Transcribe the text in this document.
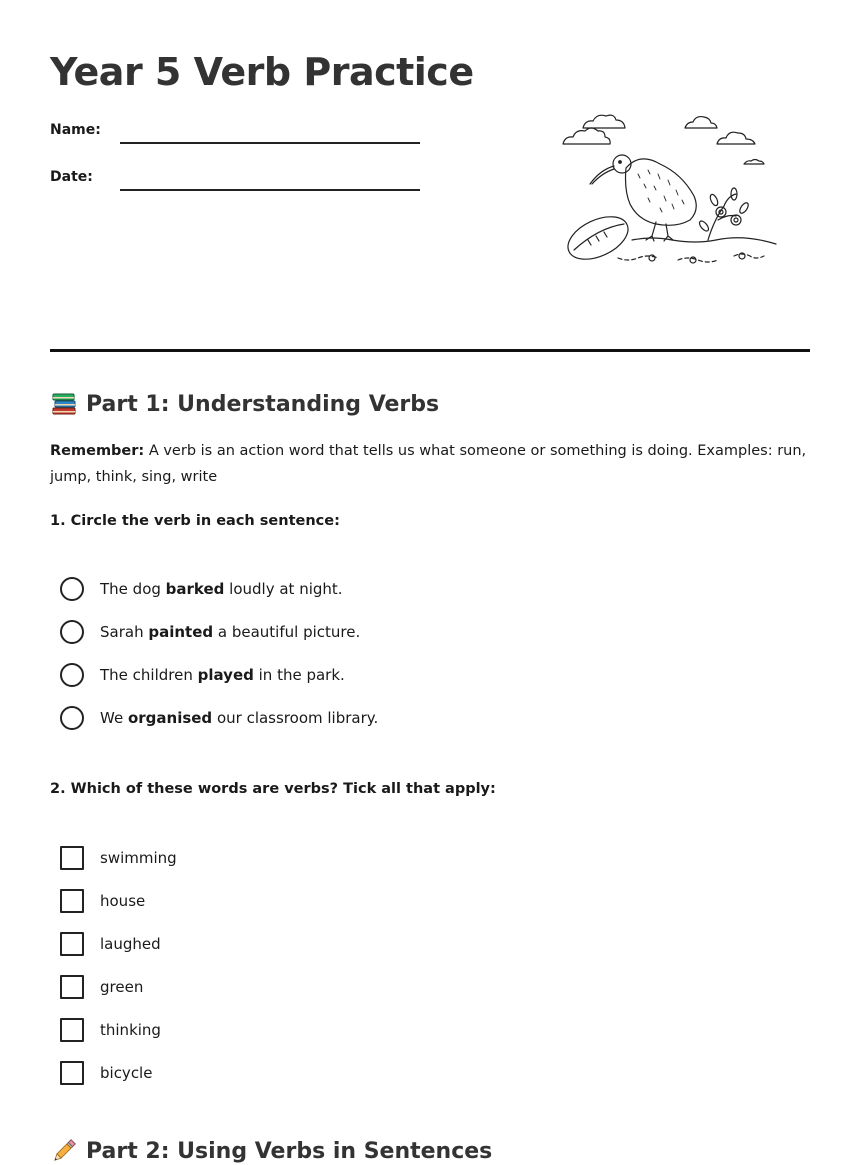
Year 5 Verb Practice
Name:
Date:
Part 1: Understanding Verbs

Remember: A verb is an action word that tells us what someone or something is doing. Examples: run, jump, think, sing, write

1. Circle the verb in each sentence:

The dog barked loudly at night.
Sarah painted a beautiful picture.
The children played in the park.
We organised our classroom library.

2. Which of these words are verbs? Tick all that apply:

swimming
house
laughed
green
thinking
bicycle
Part 2: Using Verbs in Sentences
